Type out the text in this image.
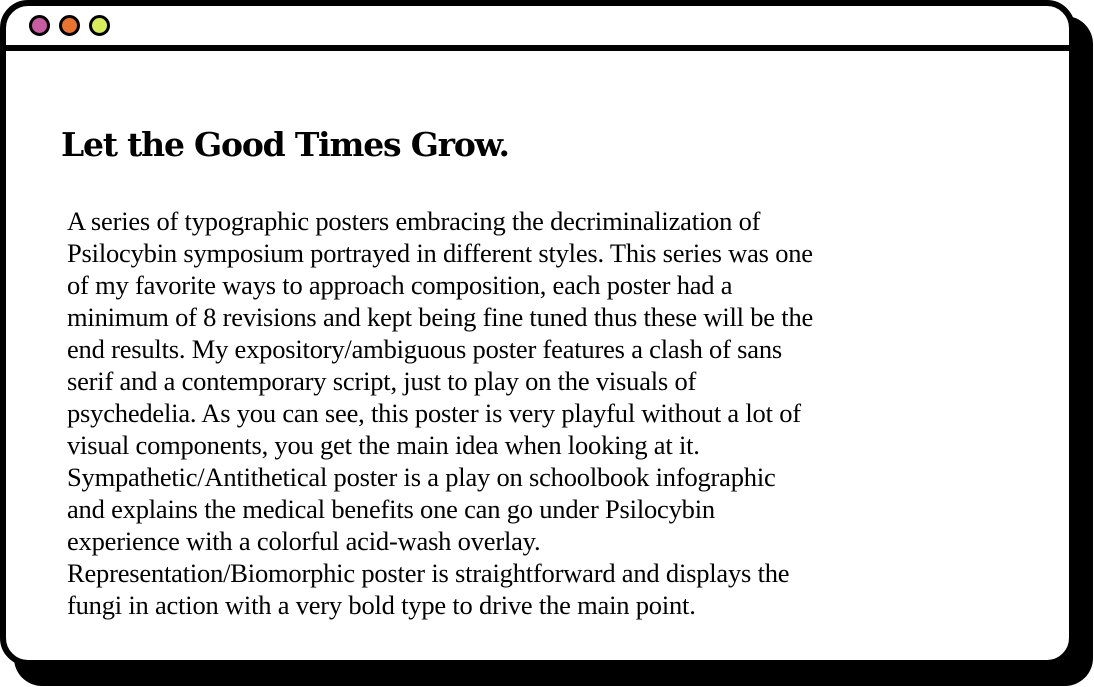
Let the Good Times Grow.
A series of typographic posters embracing the decriminalization of
Psilocybin symposium portrayed in different styles. This series was one
of my favorite ways to approach composition, each poster had a
minimum of 8 revisions and kept being fine tuned thus these will be the
end results. My expository/ambiguous poster features a clash of sans
serif and a contemporary script, just to play on the visuals of
psychedelia. As you can see, this poster is very playful without a lot of
visual components, you get the main idea when looking at it.
Sympathetic/Antithetical poster is a play on schoolbook infographic
and explains the medical benefits one can go under Psilocybin
experience with a colorful acid-wash overlay.
Representation/Biomorphic poster is straightforward and displays the
fungi in action with a very bold type to drive the main point.
